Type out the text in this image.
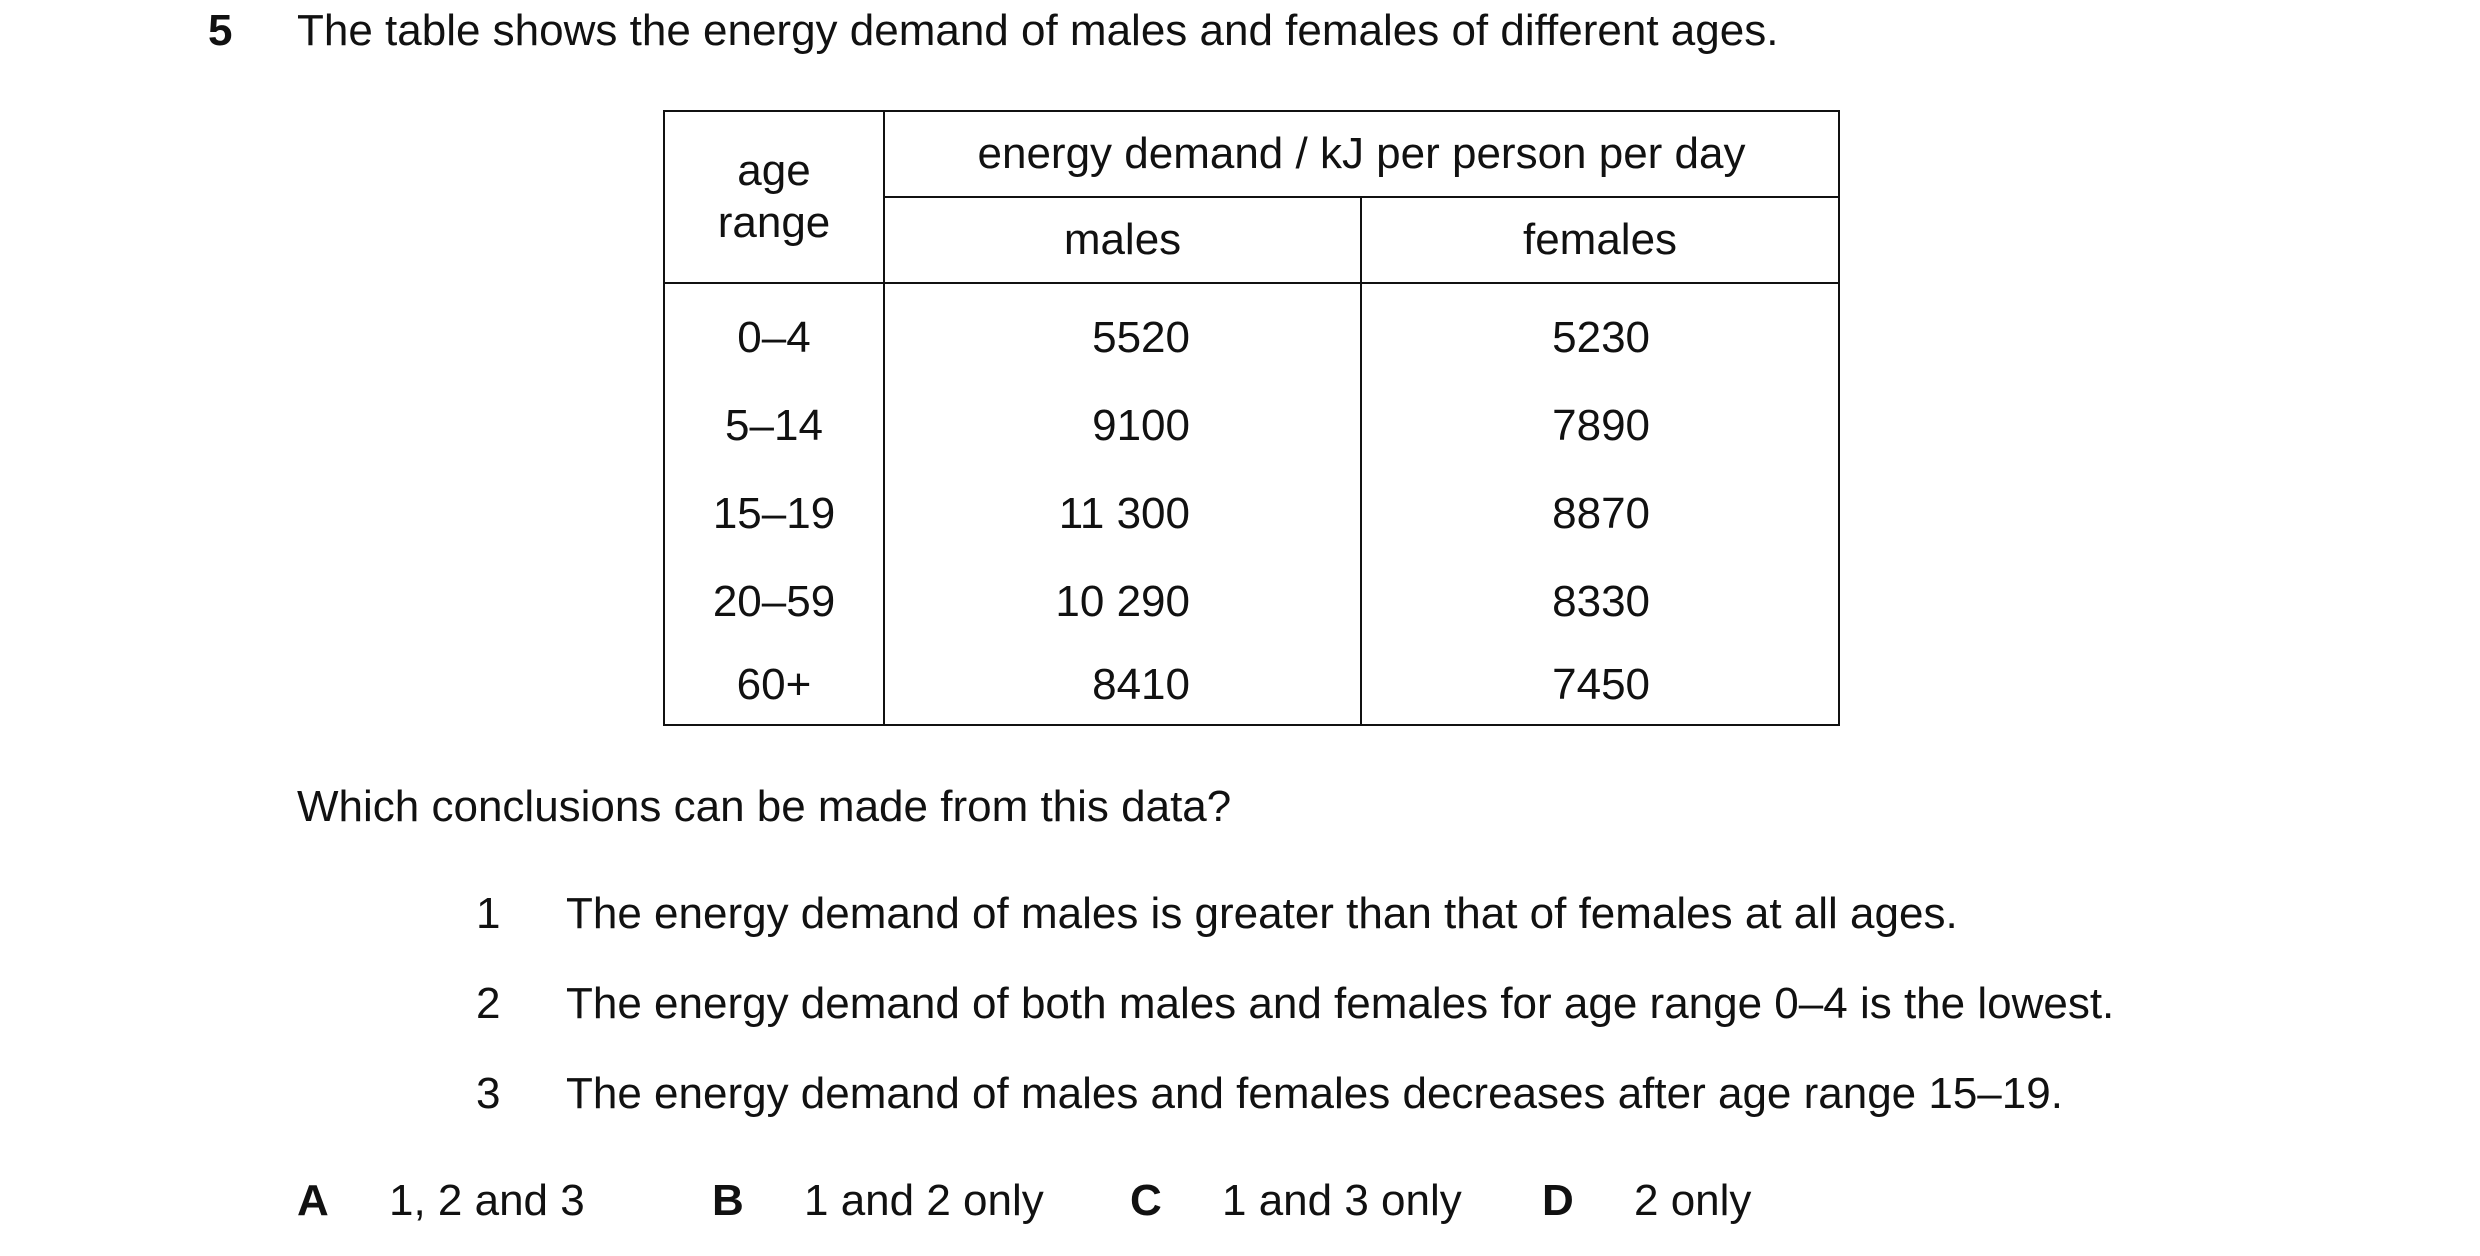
5 The table shows the energy demand of males and females of different ages.
age
range	energy demand / kJ per person per day	
	males	females
0–4	5520	5230
5–14	9100	7890
15–19	11 300	8870
20–59	10 290	8330
60+	8410	7450
Which conclusions can be made from this data?
1 The energy demand of males is greater than that of females at all ages.
2 The energy demand of both males and females for age range 0–4 is the lowest.
3 The energy demand of males and females decreases after age range 15–19.
A 1, 2 and 3	B 1 and 2 only C 1 and 3 only D 2 only
